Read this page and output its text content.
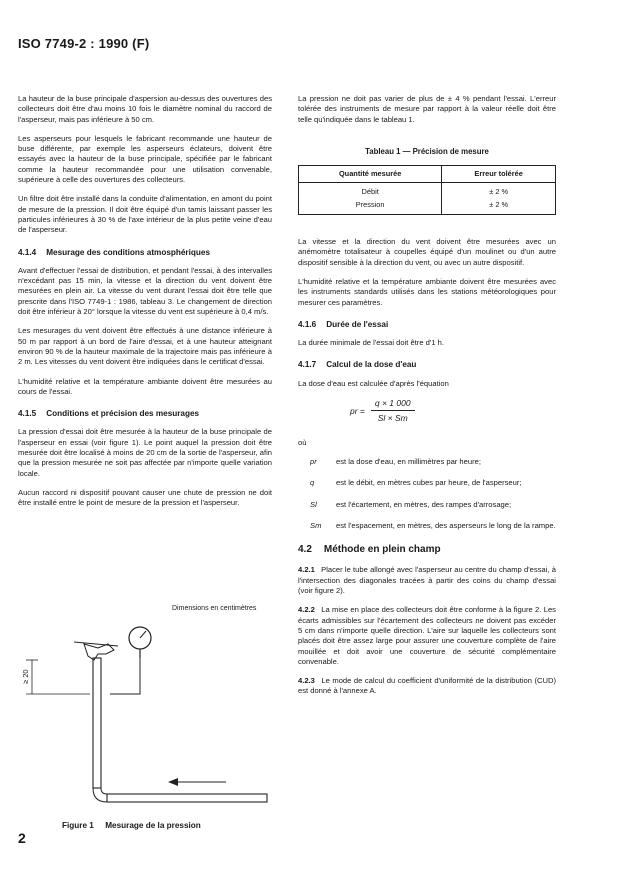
ISO 7749-2 : 1990 (F)

La hauteur de la buse principale d'aspersion au-dessus des ouvertures des collecteurs doit être d'au moins 10 fois le diamètre nominal du raccord de l'asperseur, mais pas inférieure à 50 cm.

Les asperseurs pour lesquels le fabricant recommande une hauteur de buse différente, par exemple les asperseurs éclateurs, doivent être essayés avec la hauteur de la buse principale, spécifiée par le fabricant comme la hauteur recommandée pour une utilisation convenable, supérieure à celle des ouvertures des collecteurs.

Un filtre doit être installé dans la conduite d'alimentation, en amont du point de mesure de la pression. Il doit être équipé d'un tamis laissant passer les particules inférieures à 30 % de l'axe intérieur de la plus petite veine d'eau de l'asperseur.

4.1.4 Mesurage des conditions atmosphériques

Avant d'effectuer l'essai de distribution, et pendant l'essai, à des intervalles n'excédant pas 15 min, la vitesse et la direction du vent doivent être mesurées en plein air. La vitesse du vent durant l'essai doit être telle que prescrite dans l'ISO 7749-1 : 1986, tableau 3. Le changement de direction doit être inférieur à 20° lorsque la vitesse du vent est supérieure à 0,4 m/s.

Les mesurages du vent doivent être effectués à une distance inférieure à 50 m par rapport à un bord de l'aire d'essai, et à une hauteur atteignant environ 90 % de la hauteur maximale de la trajectoire mais pas inférieure à 2 m. Les vitesses du vent doivent être indiquées dans le certificat d'essai.

L'humidité relative et la température ambiante doivent être mesurées au cours de l'essai.

4.1.5 Conditions et précision des mesurages

La pression d'essai doit être mesurée à la hauteur de la buse principale de l'asperseur en essai (voir figure 1). Le point auquel la pression doit être mesurée doit être localisé à moins de 20 cm de la sortie de l'asperseur, afin que la pression mesurée ne soit pas affectée par n'importe quelle variation locale.

Aucun raccord ni dispositif pouvant causer une chute de pression ne doit être installé entre le point de mesure de la pression et l'asperseur.

Dimensions en centimètres
≥ 20
Figure 1 Mesurage de la pression

La pression ne doit pas varier de plus de ± 4 % pendant l'essai. L'erreur tolérée des instruments de mesure par rapport à la valeur réelle doit être telle qu'indiquée dans le tableau 1.

Tableau 1 — Précision de mesure
Quantité mesurée	Erreur tolérée
Débit	± 2 %
Pression	± 2 %

La vitesse et la direction du vent doivent être mesurées avec un anémomètre totalisateur à coupelles équipé d'un moulinet ou d'un autre dispositif sensible à la direction du vent, ou avec un autre dispositif.

L'humidité relative et la température ambiante doivent être mesurées avec les instruments standards utilisés dans les stations météorologiques pour mesurer ces paramètres.

4.1.6 Durée de l'essai

La durée minimale de l'essai doit être d'1 h.

4.1.7 Calcul de la dose d'eau

La dose d'eau est calculée d'après l'équation

pr = $\frac{q \times 1 000}{Sl \times Sm}$

où

pr	est la dose d'eau, en millimètres par heure;
q	est le débit, en mètres cubes par heure, de l'asperseur;
Sl	est l'écartement, en mètres, des rampes d'arrosage;
Sm	est l'espacement, en mètres, des asperseurs le long de la rampe.
4.2 Méthode en plein champ

4.2.1 Placer le tube allongé avec l'asperseur au centre du champ d'essai, à l'intersection des diagonales tracées à partir des coins du champ d'essai (voir figure 2).

4.2.2 La mise en place des collecteurs doit être conforme à la figure 2. Les écarts admissibles sur l'écartement des collecteurs ne doivent pas excéder 5 cm dans n'importe quelle direction. L'aire sur laquelle les collecteurs sont placés doit être assez large pour assurer une couverture complète de l'aire mouillée et doit avoir une couverture de sécurité complémentaire convenable.

4.2.3 Le mode de calcul du coefficient d'uniformité de la distribution (CUD) est donné à l'annexe A.

2
